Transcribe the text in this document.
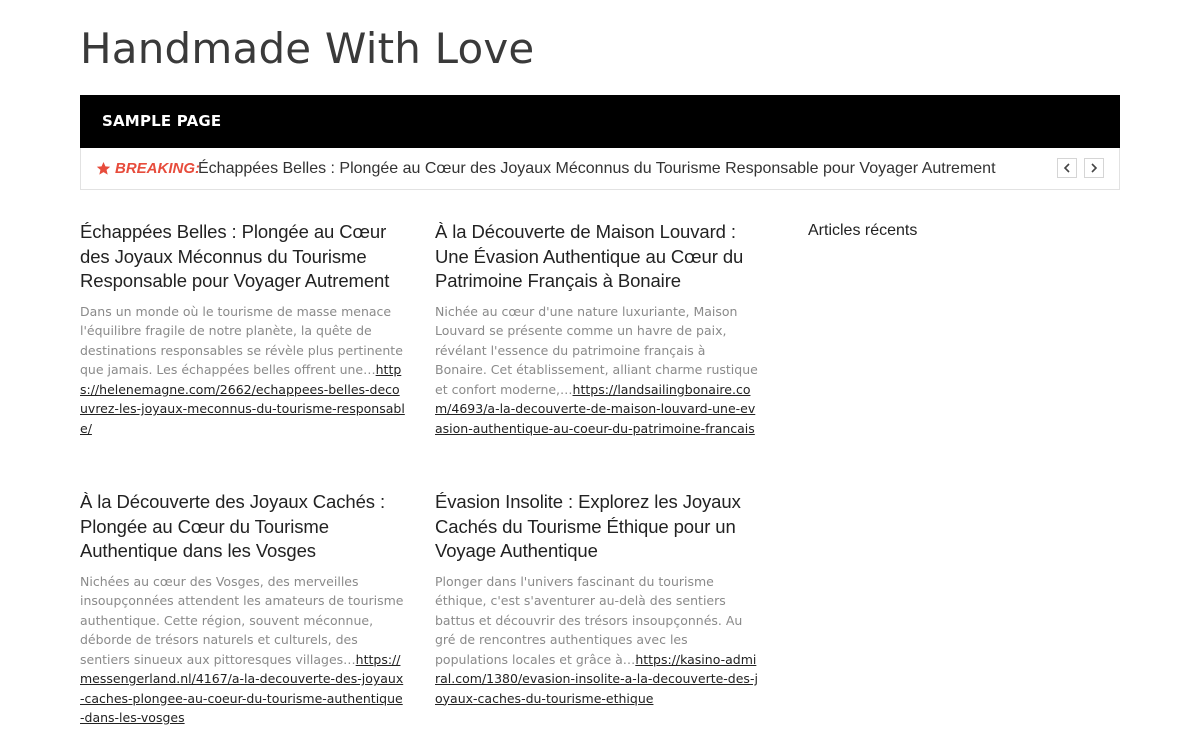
Handmade With Love
SAMPLE PAGE
BREAKING:
Échappées Belles : Plongée au Cœur des Joyaux Méconnus du Tourisme Responsable pour Voyager Autrement
Échappées Belles : Plongée au Cœur des Joyaux Méconnus du Tourisme Responsable pour Voyager Autrement

Dans un monde où le tourisme de masse menace l'équilibre fragile de notre planète, la quête de destinations responsables se révèle plus pertinente que jamais. Les échappées belles offrent une…https://helenemagne.com/2662/echappees-belles-decouvrez-les-joyaux-meconnus-du-tourisme-responsable/

À la Découverte de Maison Louvard : Une Évasion Authentique au Cœur du Patrimoine Français à Bonaire

Nichée au cœur d'une nature luxuriante, Maison Louvard se présente comme un havre de paix, révélant l'essence du patrimoine français à Bonaire. Cet établissement, alliant charme rustique et confort moderne,…https://landsailingbonaire.com/4693/a-la-decouverte-de-maison-louvard-une-evasion-authentique-au-coeur-du-patrimoine-francais

À la Découverte des Joyaux Cachés : Plongée au Cœur du Tourisme Authentique dans les Vosges

Nichées au cœur des Vosges, des merveilles insoupçonnées attendent les amateurs de tourisme authentique. Cette région, souvent méconnue, déborde de trésors naturels et culturels, des sentiers sinueux aux pittoresques villages…https://messengerland.nl/4167/a-la-decouverte-des-joyaux-caches-plongee-au-coeur-du-tourisme-authentique-dans-les-vosges

Évasion Insolite : Explorez les Joyaux Cachés du Tourisme Éthique pour un Voyage Authentique

Plonger dans l'univers fascinant du tourisme éthique, c'est s'aventurer au-delà des sentiers battus et découvrir des trésors insoupçonnés. Au gré de rencontres authentiques avec les populations locales et grâce à…https://kasino-admiral.com/1380/evasion-insolite-a-la-decouverte-des-joyaux-caches-du-tourisme-ethique

Articles récents
